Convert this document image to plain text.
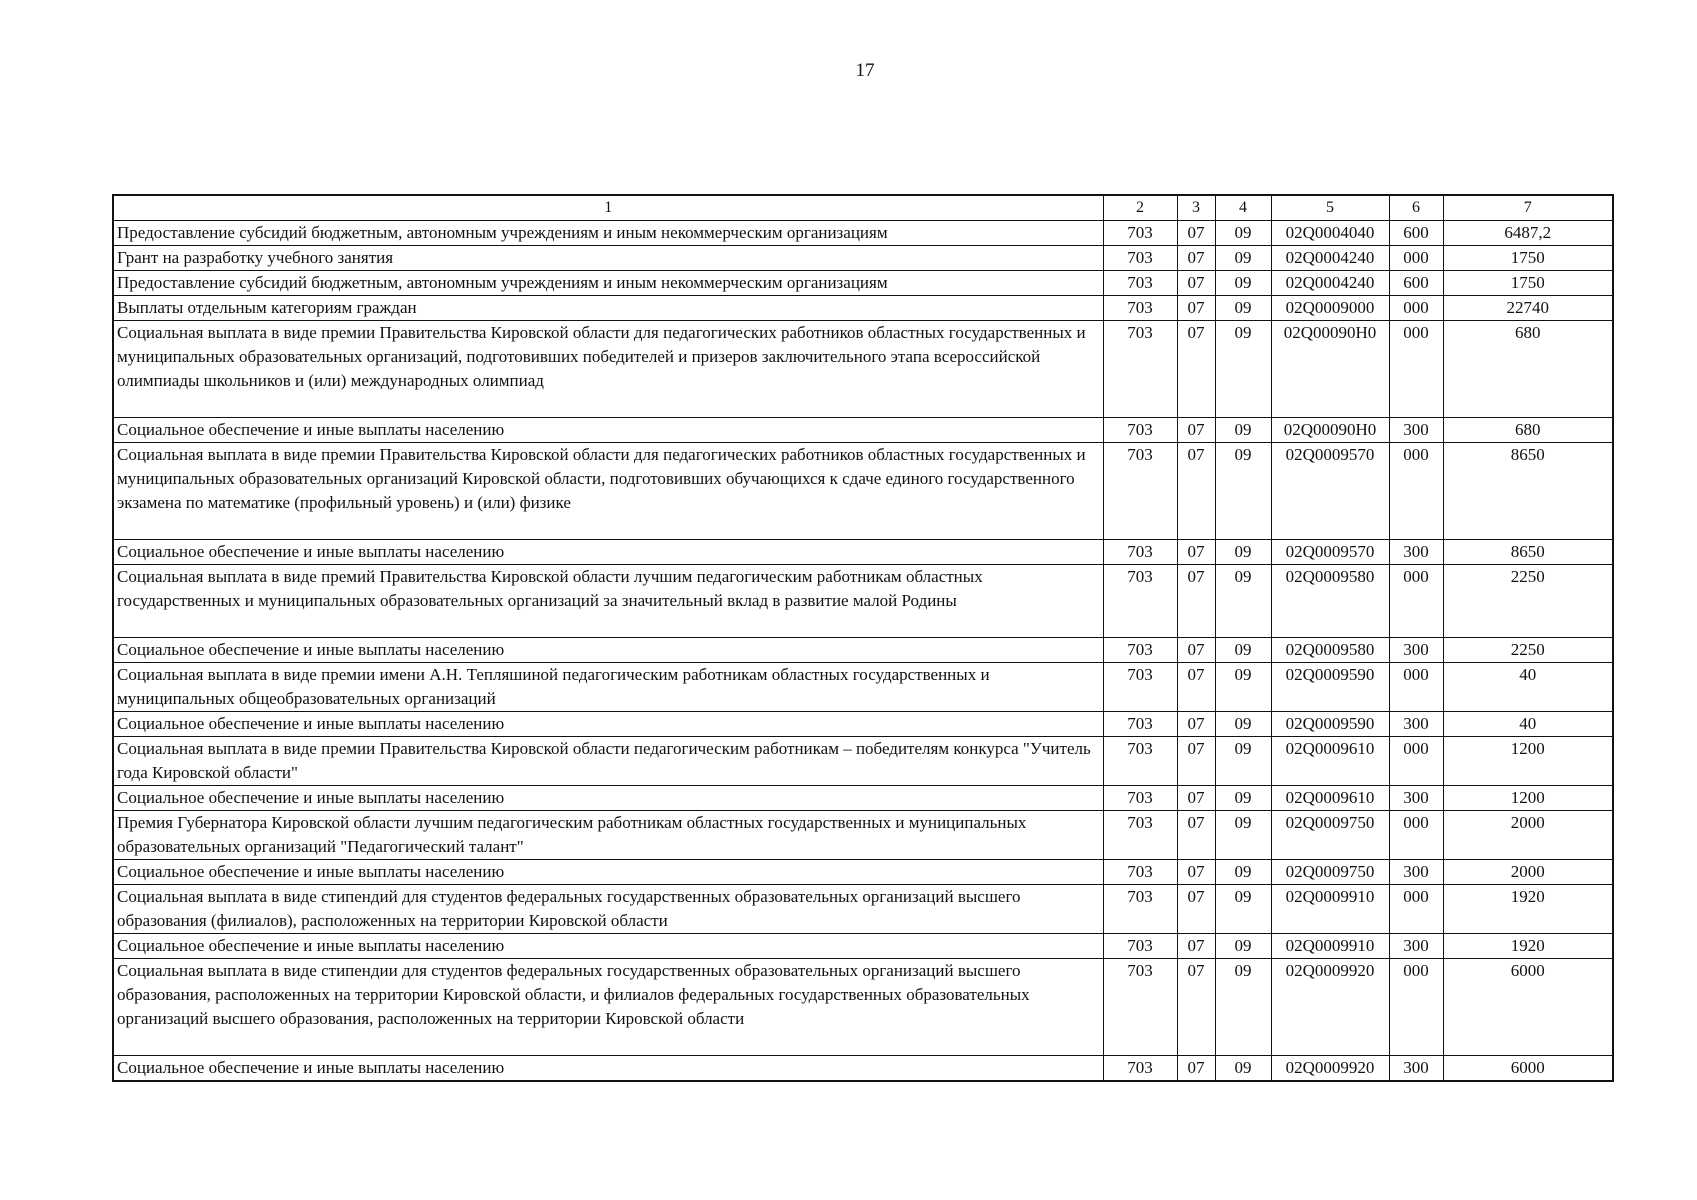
17
1	2	3	4	5	6	7
Предоставление субсидий бюджетным, автономным учреждениям и иным некоммерческим организациям	703	07	09	02Q0004040	600	6487,2
Грант на разработку учебного занятия	703	07	09	02Q0004240	000	1750
Предоставление субсидий бюджетным, автономным учреждениям и иным некоммерческим организациям	703	07	09	02Q0004240	600	1750
Выплаты отдельным категориям граждан	703	07	09	02Q0009000	000	22740
Социальная выплата в виде премии Правительства Кировской области для педагогических работников областных государственных и муниципальных образовательных организаций, подготовивших победителей и призеров заключительного этапа всероссийской олимпиады школьников и (или) международных олимпиад	703	07	09	02Q00090Н0	000	680
Социальное обеспечение и иные выплаты населению	703	07	09	02Q00090Н0	300	680
Социальная выплата в виде премии Правительства Кировской области для педагогических работников областных государственных и муниципальных образовательных организаций Кировской области, подготовивших обучающихся к сдаче единого государственного экзамена по математике (профильный уровень) и (или) физике	703	07	09	02Q0009570	000	8650
Социальное обеспечение и иные выплаты населению	703	07	09	02Q0009570	300	8650
Социальная выплата в виде премий Правительства Кировской области лучшим педагогическим работникам областных государственных и муниципальных образовательных организаций за значительный вклад в развитие малой Родины	703	07	09	02Q0009580	000	2250
Социальное обеспечение и иные выплаты населению	703	07	09	02Q0009580	300	2250
Социальная выплата в виде премии имени А.Н. Тепляшиной педагогическим работникам областных государственных и муниципальных общеобразовательных организаций	703	07	09	02Q0009590	000	40
Социальное обеспечение и иные выплаты населению	703	07	09	02Q0009590	300	40
Социальная выплата в виде премии Правительства Кировской области педагогическим работникам – победителям конкурса "Учитель года Кировской области"	703	07	09	02Q0009610	000	1200
Социальное обеспечение и иные выплаты населению	703	07	09	02Q0009610	300	1200
Премия Губернатора Кировской области лучшим педагогическим работникам областных государственных и муниципальных образовательных организаций "Педагогический талант"	703	07	09	02Q0009750	000	2000
Социальное обеспечение и иные выплаты населению	703	07	09	02Q0009750	300	2000
Социальная выплата в виде стипендий для студентов федеральных государственных образовательных организаций высшего образования (филиалов), расположенных на территории Кировской области	703	07	09	02Q0009910	000	1920
Социальное обеспечение и иные выплаты населению	703	07	09	02Q0009910	300	1920
Социальная выплата в виде стипендии для студентов федеральных государственных образовательных организаций высшего образования, расположенных на территории Кировской области, и филиалов федеральных государственных образовательных организаций высшего образования, расположенных на территории Кировской области	703	07	09	02Q0009920	000	6000
Социальное обеспечение и иные выплаты населению	703	07	09	02Q0009920	300	6000
